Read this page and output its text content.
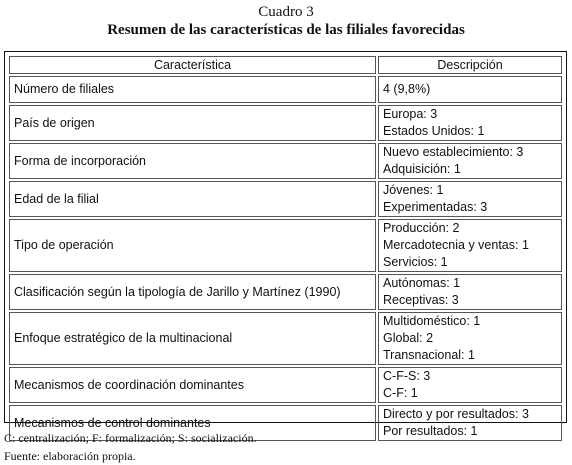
Cuadro 3
Resumen de las características de las filiales favorecidas
Característica	Descripción
Número de filiales	4 (9,8%)

País de origen	Europa: 3
Estados Unidos: 1

Forma de incorporación	Nuevo establecimiento: 3
Adquisición: 1

Edad de la filial	Jóvenes: 1
Experimentadas: 3

Tipo de operación	Producción: 2
Mercadotecnia y ventas: 1
Servicios: 1

Clasificación según la tipología de Jarillo y Martínez (1990)	Autónomas: 1
Receptivas: 3

Enfoque estratégico de la multinacional	Multidoméstico: 1
Global: 2
Transnacional: 1

Mecanismos de coordinación dominantes	C-F-S: 3
C-F: 1

Mecanismos de control dominantes	Directo y por resultados: 3
Por resultados: 1
C: centralización; F: formalización; S: socialización.
Fuente: elaboración propia.
